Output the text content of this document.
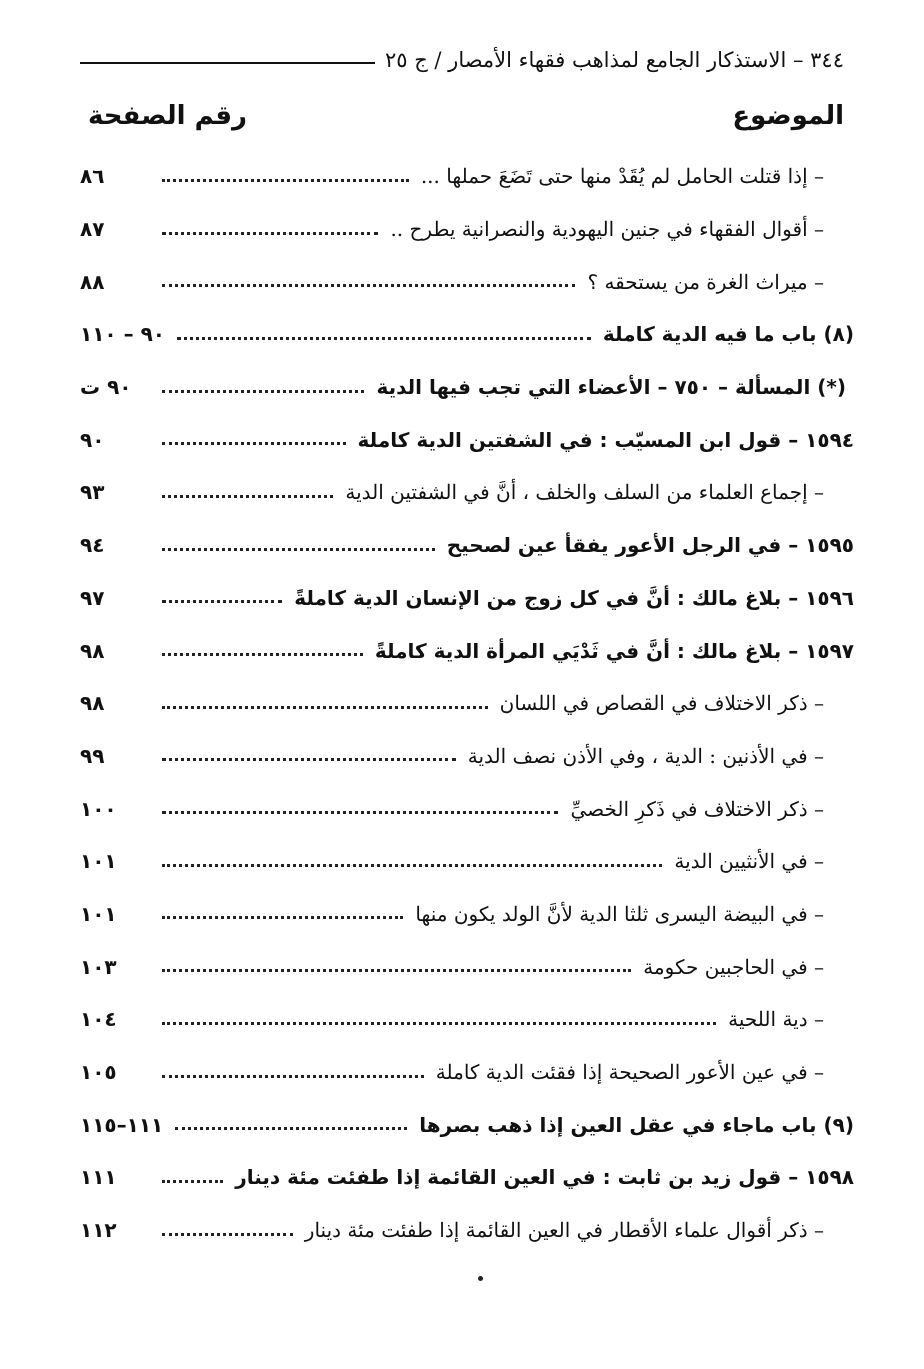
٣٤٤ – الاستذكار الجامع لمذاهب فقهاء الأمصار / ج ٢٥
الموضوع
رقم الصفحة
– إذا قتلت الحامل لم يُقَدْ منها حتى تَضَعَ حملها ...
٨٦
– أقوال الفقهاء في جنين اليهودية والنصرانية يطرح ..
٨٧
– ميراث الغرة من يستحقه ؟
٨٨
(٨) باب ما فيه الدية كاملة
٩٠ – ١١٠
(*) المسألة – ٧٥٠ – الأعضاء التي تجب فيها الدية
٩٠ ت
١٥٩٤ – قول ابن المسيّب : في الشفتين الدية كاملة
٩٠
– إجماع العلماء من السلف والخلف ، أنَّ في الشفتين الدية
٩٣
١٥٩٥ – في الرجل الأعور يفقأ عين لصحيح
٩٤
١٥٩٦ – بلاغ مالك : أنَّ في كل زوج من الإنسان الدية كاملةً
٩٧
١٥٩٧ – بلاغ مالك : أنَّ في ثَدْيَي المرأة الدية كاملةً
٩٨
– ذكر الاختلاف في القصاص في اللسان
٩٨
– في الأذنين : الدية ، وفي الأذن نصف الدية
٩٩
– ذكر الاختلاف في ذَكرِ الخصيِّ
١٠٠
– في الأنثيين الدية
١٠١
– في البيضة اليسرى ثلثا الدية لأنَّ الولد يكون منها
١٠١
– في الحاجبين حكومة
١٠٣
– دية اللحية
١٠٤
– في عين الأعور الصحيحة إذا فقئت الدية كاملة
١٠٥
(٩) باب ماجاء في عقل العين إذا ذهب بصرها
١١١–١١٥
١٥٩٨ – قول زيد بن ثابت : في العين القائمة إذا طفئت مئة دينار
١١١
– ذكر أقوال علماء الأقطار في العين القائمة إذا طفئت مئة دينار
١١٢
